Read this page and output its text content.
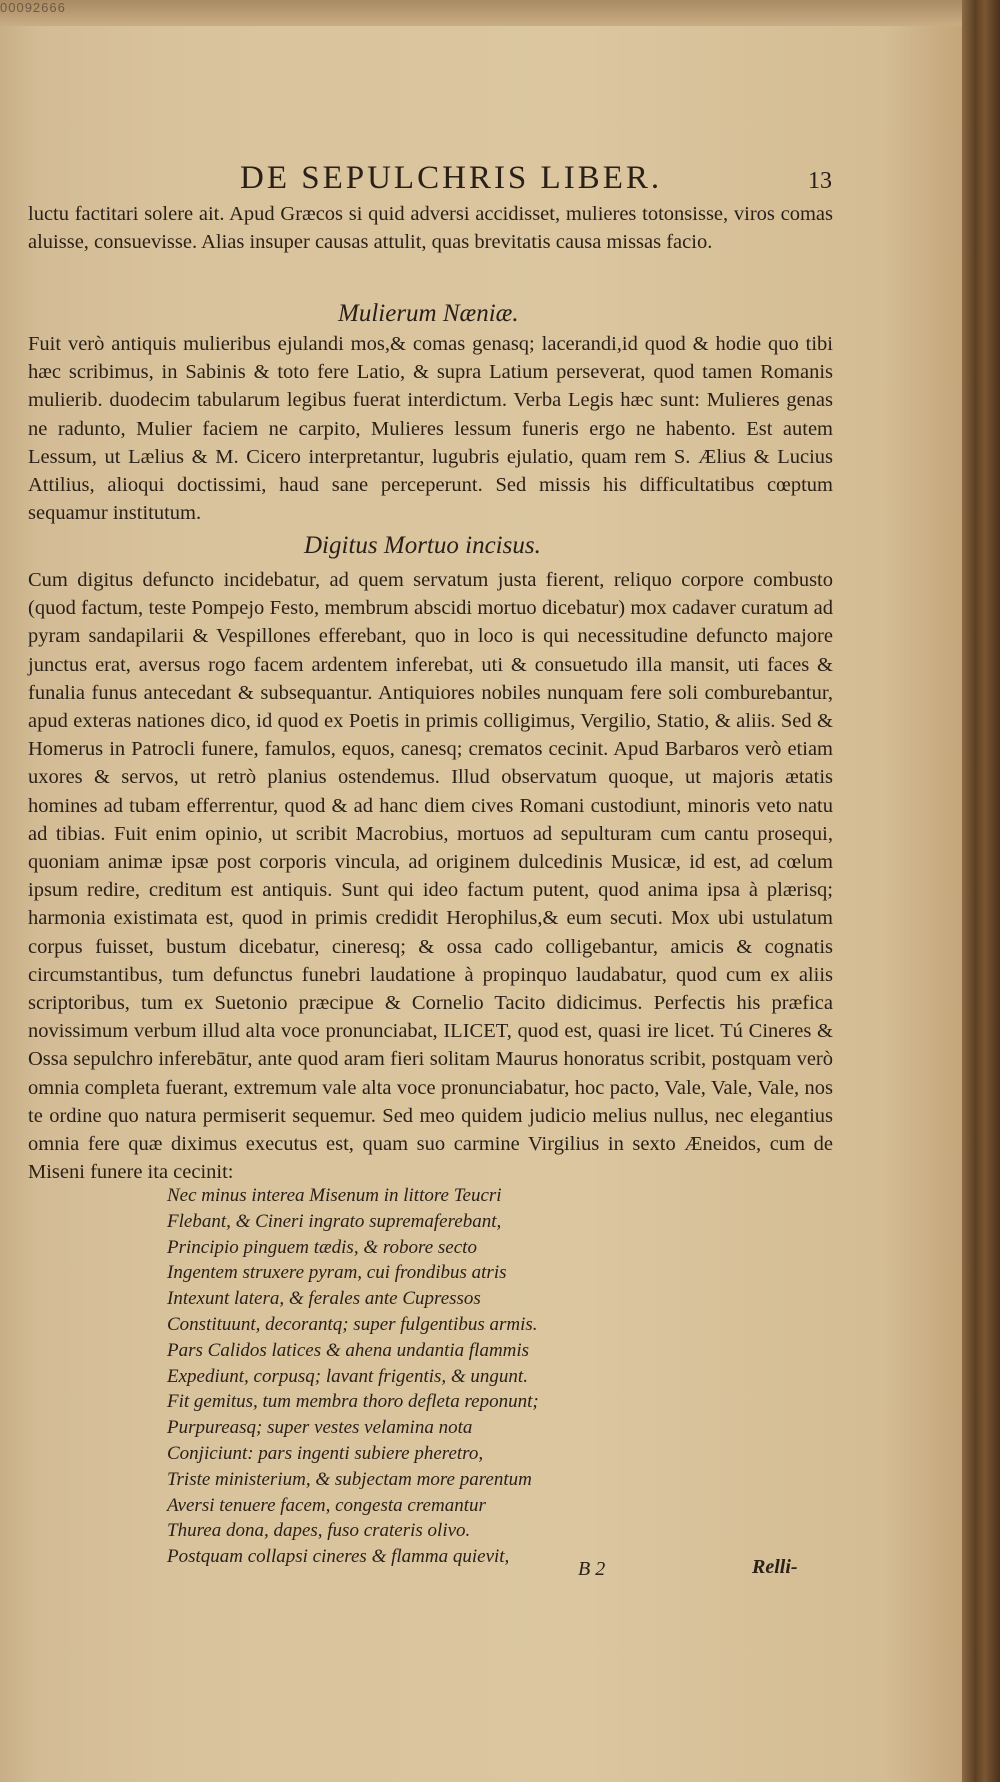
00092666
DE SEPULCHRIS LIBER.	13

luctu factitari solere ait. Apud Græcos si quid adversi accidisset, mulieres totonsisse, viros comas aluisse, consuevisse. Alias insuper causas attulit, quas brevitatis causa missas facio.

Mulierum Næniæ.

Fuit verò antiquis mulieribus ejulandi mos,& comas genasq; lacerandi,id quod & hodie quo tibi hæc scribimus, in Sabinis & toto fere Latio, & supra Latium perseverat, quod tamen Romanis mulierib. duodecim tabularum legibus fuerat interdictum. Verba Legis hæc sunt: Mulieres genas ne radunto, Mulier faciem ne carpito, Mulieres lessum funeris ergo ne habento. Est autem Lessum, ut Lælius & M. Cicero interpretantur, lugubris ejulatio, quam rem S. Ælius & Lucius Attilius, alioqui doctissimi, haud sane perceperunt. Sed missis his difficultatibus cœptum sequamur institutum.

Digitus Mortuo incisus.

Cum digitus defuncto incidebatur, ad quem servatum justa fierent, reliquo corpore combusto (quod factum, teste Pompejo Festo, membrum abscidi mortuo dicebatur) mox cadaver curatum ad pyram sandapilarii & Vespillones efferebant, quo in loco is qui necessitudine defuncto majore junctus erat, aversus rogo facem ardentem inferebat, uti & consuetudo illa mansit, uti faces & funalia funus antecedant & subsequantur. Antiquiores nobiles nunquam fere soli comburebantur, apud exteras nationes dico, id quod ex Poetis in primis colligimus, Vergilio, Statio, & aliis. Sed & Homerus in Patrocli funere, famulos, equos, canesq; crematos cecinit. Apud Barbaros verò etiam uxores & servos, ut retrò planius ostendemus. Illud observatum quoque, ut majoris ætatis homines ad tubam efferrentur, quod & ad hanc diem cives Romani custodiunt, minoris veto natu ad tibias. Fuit enim opinio, ut scribit Macrobius, mortuos ad sepulturam cum cantu prosequi, quoniam animæ ipsæ post corporis vincula, ad originem dulcedinis Musicæ, id est, ad cœlum ipsum redire, creditum est antiquis. Sunt qui ideo factum putent, quod anima ipsa à plærisq; harmonia existimata est, quod in primis credidit Herophilus,& eum secuti. Mox ubi ustulatum corpus fuisset, bustum dicebatur, cineresq; & ossa cado colligebantur, amicis & cognatis circumstantibus, tum defunctus funebri laudatione à propinquo laudabatur, quod cum ex aliis scriptoribus, tum ex Suetonio præcipue & Cornelio Tacito didicimus. Perfectis his præfica novissimum verbum illud alta voce pronunciabat, ILICET, quod est, quasi ire licet. Tú Cineres & Ossa sepulchro inferebātur, ante quod aram fieri solitam Maurus honoratus scribit, postquam verò omnia completa fuerant, extremum vale alta voce pronunciabatur, hoc pacto, Vale, Vale, Vale, nos te ordine quo natura permiserit sequemur. Sed meo quidem judicio melius nullus, nec elegantius omnia fere quæ diximus executus est, quam suo carmine Virgilius in sexto Æneidos, cum de Miseni funere ita cecinit:

Nec minus interea Misenum in littore Teucri
Flebant, & Cineri ingrato supremaferebant,
Principio pinguem tædis, & robore secto
Ingentem struxere pyram, cui frondibus atris
Intexunt latera, & ferales ante Cupressos
Constituunt, decorantq; super fulgentibus armis.
Pars Calidos latices & ahena undantia flammis
Expediunt, corpusq; lavant frigentis, & ungunt.
Fit gemitus, tum membra thoro defleta reponunt;
Purpureasq; super vestes velamina nota
Conjiciunt: pars ingenti subiere pheretro,
Triste ministerium, & subjectam more parentum
Aversi tenuere facem, congesta cremantur
Thurea dona, dapes, fuso crateris olivo.
Postquam collapsi cineres & flamma quievit,
B 2	Relli-
